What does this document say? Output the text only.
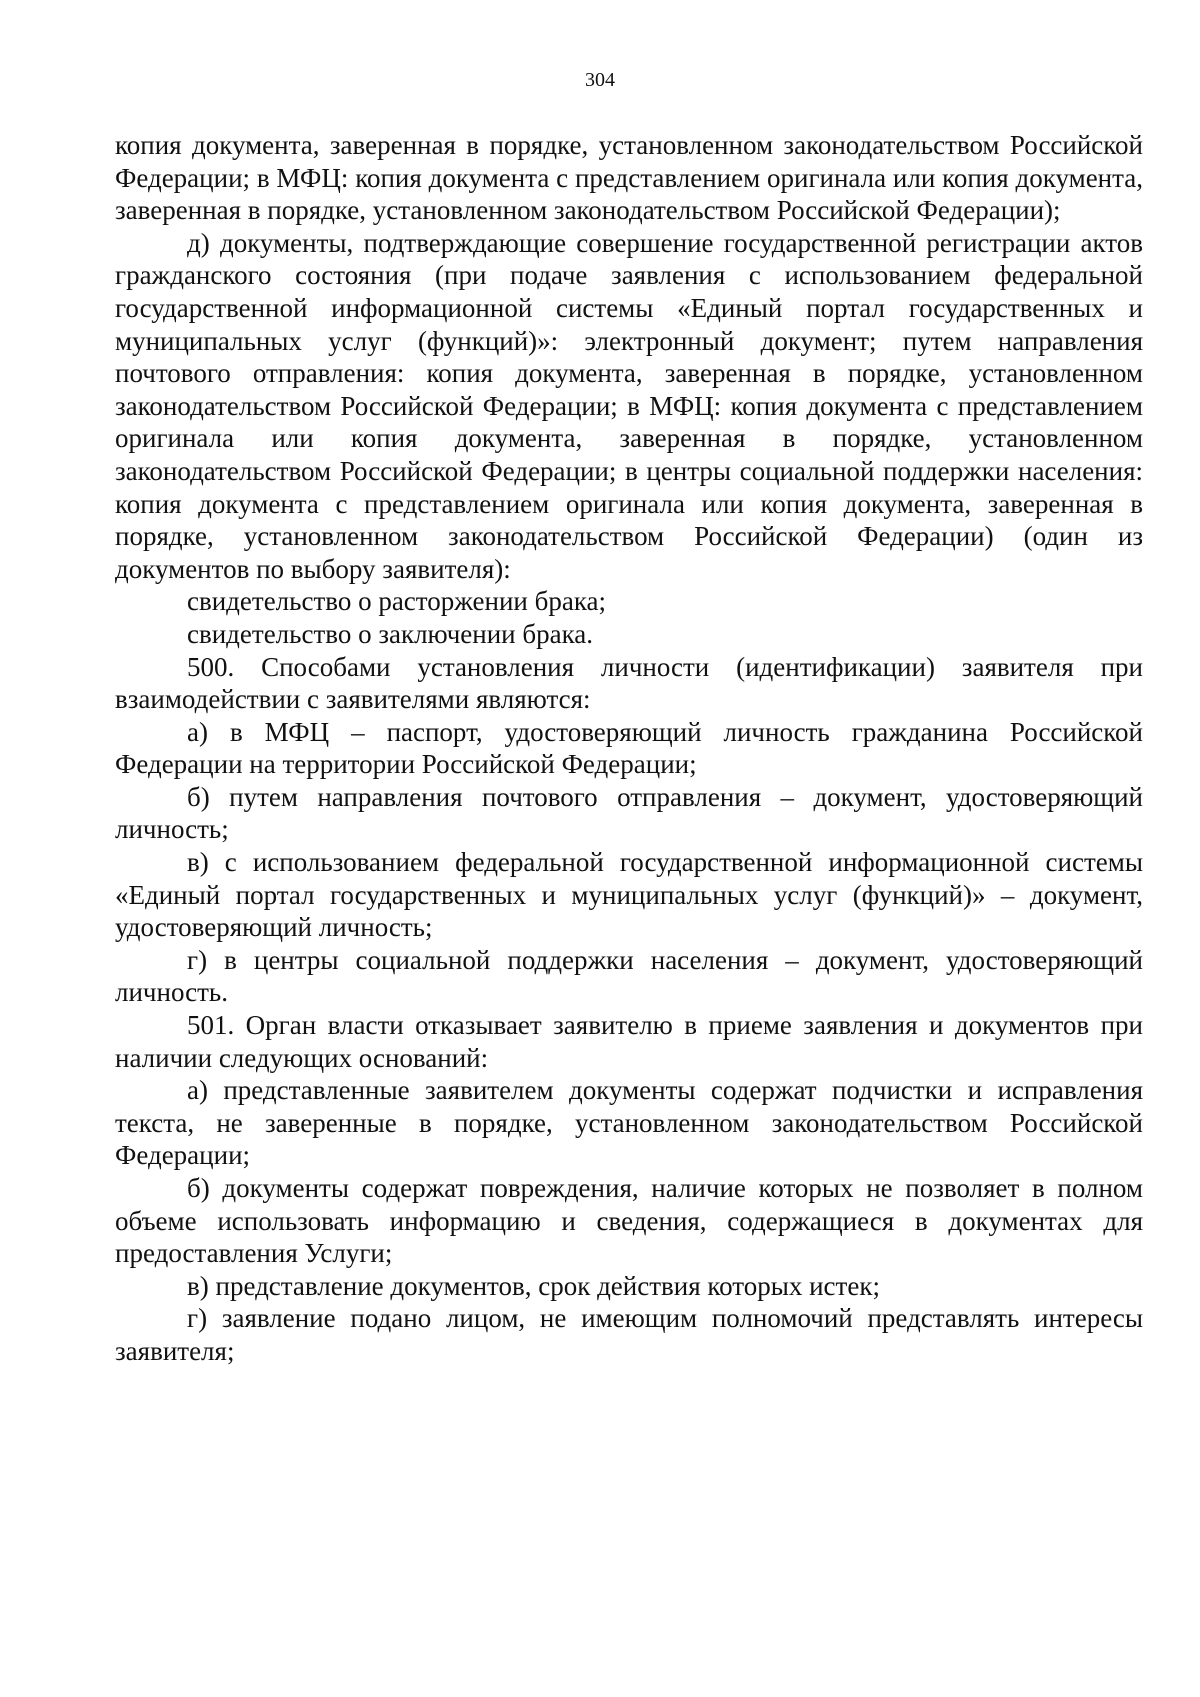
304

копия документа, заверенная в порядке, установленном законодательством Российской Федерации; в МФЦ: копия документа с представлением оригинала или копия документа, заверенная в порядке, установленном законодательством Российской Федерации);

д) документы, подтверждающие совершение государственной регистрации актов гражданского состояния (при подаче заявления с использованием федеральной государственной информационной системы «Единый портал государственных и муниципальных услуг (функций)»: электронный документ; путем направления почтового отправления: копия документа, заверенная в порядке, установленном законодательством Российской Федерации; в МФЦ: копия документа с представлением оригинала или копия документа, заверенная в порядке, установленном законодательством Российской Федерации; в центры социальной поддержки населения: копия документа с представлением оригинала или копия документа, заверенная в порядке, установленном законодательством Российской Федерации) (один из документов по выбору заявителя):

свидетельство о расторжении брака;

свидетельство о заключении брака.

500. Способами установления личности (идентификации) заявителя при взаимодействии с заявителями являются:

а) в МФЦ – паспорт, удостоверяющий личность гражданина Российской Федерации на территории Российской Федерации;

б) путем направления почтового отправления – документ, удостоверяющий личность;

в) с использованием федеральной государственной информационной системы «Единый портал государственных и муниципальных услуг (функций)» – документ, удостоверяющий личность;

г) в центры социальной поддержки населения – документ, удостоверяющий личность.

501. Орган власти отказывает заявителю в приеме заявления и документов при наличии следующих оснований:

а) представленные заявителем документы содержат подчистки и исправления текста, не заверенные в порядке, установленном законодательством Российской Федерации;

б) документы содержат повреждения, наличие которых не позволяет в полном объеме использовать информацию и сведения, содержащиеся в документах для предоставления Услуги;

в) представление документов, срок действия которых истек;

г) заявление подано лицом, не имеющим полномочий представлять интересы заявителя;
